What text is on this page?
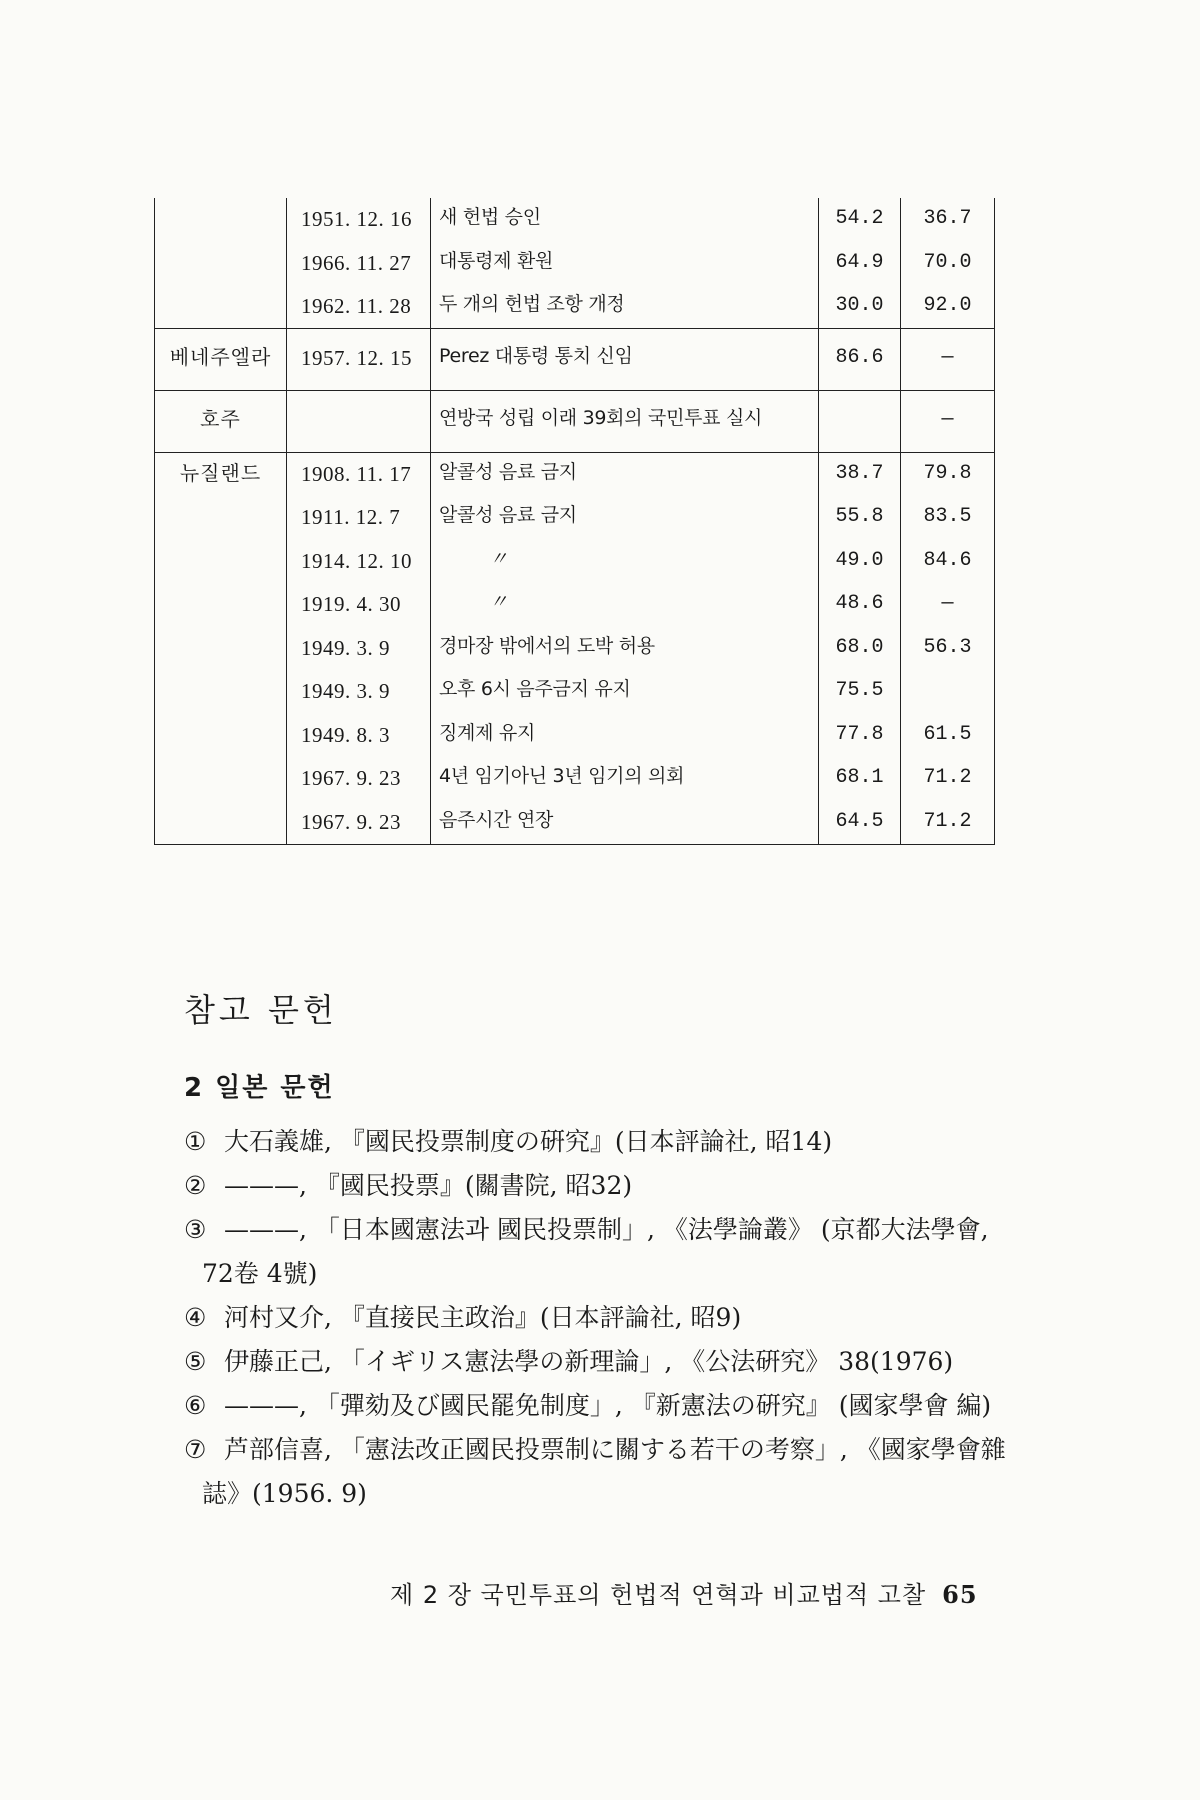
	1951. 12. 16	새 헌법 승인	54.2	36.7
	1966. 11. 27	대통령제 환원	64.9	70.0
	1962. 11. 28	두 개의 헌법 조항 개정	30.0	92.0
베네주엘라	1957. 12. 15	Perez 대통령 통치 신임	86.6	—
호주		연방국 성립 이래 39회의 국민투표 실시		—
뉴질랜드	1908. 11. 17	알콜성 음료 금지	38.7	79.8
	1911. 12. 7	알콜성 음료 금지	55.8	83.5
	1914. 12. 10	〃	49.0	84.6
	1919. 4. 30	〃	48.6	—
	1949. 3. 9	경마장 밖에서의 도박 허용	68.0	56.3
	1949. 3. 9	오후 6시 음주금지 유지	75.5	
	1949. 8. 3	징계제 유지	77.8	61.5
	1967. 9. 23	4년 임기아닌 3년 임기의 의회	68.1	71.2
	1967. 9. 23	음주시간 연장	64.5	71.2
참고 문헌
2 일본 문헌

① 大石義雄, 『國民投票制度の硏究』(日本評論社, 昭14)

② ———, 『國民投票』(關書院, 昭32)

③ ———, 「日本國憲法과 國民投票制」, 《法學論叢》 (京都大法學會,
72卷 4號)

④ 河村又介, 『直接民主政治』(日本評論社, 昭9)

⑤ 伊藤正己, 「イギリス憲法學の新理論」, 《公法硏究》 38(1976)

⑥ ———, 「彈劾及び國民罷免制度」, 『新憲法の硏究』 (國家學會 編)

⑦ 芦部信喜, 「憲法改正國民投票制に關する若干の考察」, 《國家學會雜
誌》(1956. 9)

제 2 장 국민투표의 헌법적 연혁과 비교법적 고찰 65
